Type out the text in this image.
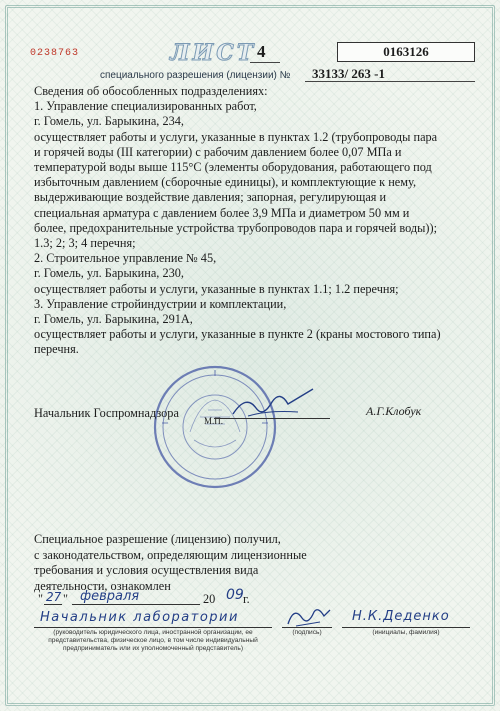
0238763	ЛИСТ 4	0163126
специального разрешения (лицензии) № 33133/ 263 -1
Сведения об обособленных подразделениях:
1. Управление специализированных работ,
г. Гомель, ул. Барыкина, 234,
осуществляет работы и услуги, указанные в пунктах 1.2 (трубопроводы пара
и горячей воды (III категории) с рабочим давлением более 0,07 МПа и
температурой воды выше 115°С (элементы оборудования, работающего под
избыточным давлением (сборочные единицы), и комплектующие к нему,
выдерживающие воздействие давления; запорная, регулирующая и
специальная арматура с давлением более 3,9 МПа и диаметром 50 мм и
более, предохранительные устройства трубопроводов пара и горячей воды));
1.3; 2; 3; 4 перечня;
2. Строительное управление № 45,
г. Гомель, ул. Барыкина, 230,
осуществляет работы и услуги, указанные в пунктах 1.1; 1.2 перечня;
3. Управление стройиндустрии и комплектации,
г. Гомель, ул. Барыкина, 291А,
осуществляет работы и услуги, указанные в пункте 2 (краны мостового типа)
перечня.
М.П.
Начальник Госпромнадзора	А.Г.Клобук
Специальное разрешение (лицензию) получил,
с законодательством, определяющим лицензионные
требования и условия осуществления вида
деятельности, ознакомлен
" 27 " февраля	20 09 г.
Начальник лаборатории
(руководитель юридического лица, иностранной организации, ее представительства, физическое лицо, в том числе индивидуальный предприниматель или их уполномоченный представитель)
(подпись)
Н.К.Деденко
(инициалы, фамилия)
